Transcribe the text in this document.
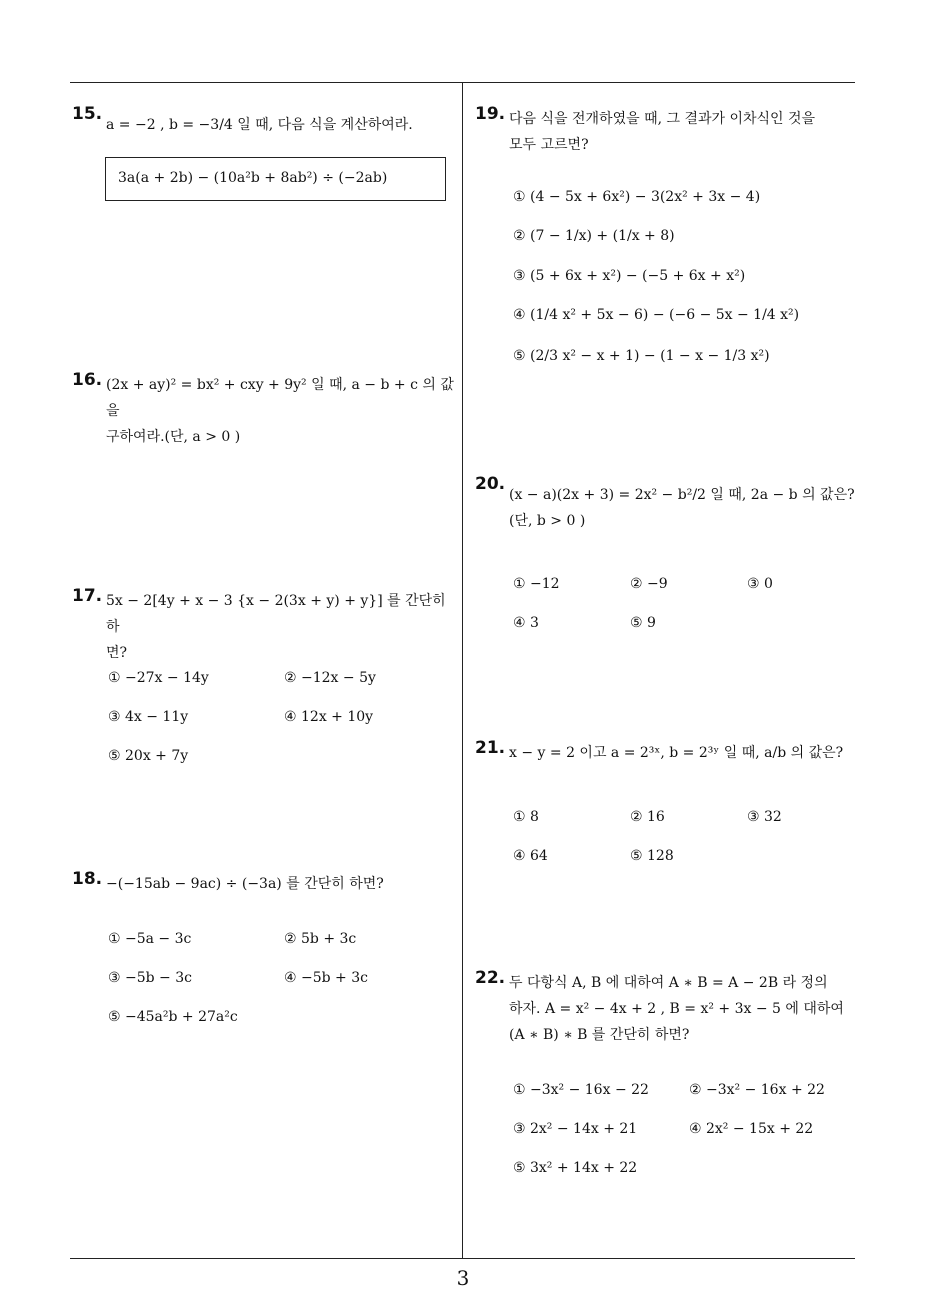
15.
a = −2 , b = −3/4 일 때, 다음 식을 계산하여라.
3a(a + 2b) − (10a²b + 8ab²) ÷ (−2ab)
16. (2x + ay)² = bx² + cxy + 9y² 일 때, a − b + c 의 값을
구하여라.(단, a > 0 )
17. 5x − 2[4y + x − 3 {x − 2(3x + y) + y}] 를 간단히 하
면?
① −27x − 14y	② −12x − 5y
③ 4x − 11y	④ 12x + 10y
⑤ 20x + 7y
18. −(−15ab − 9ac) ÷ (−3a) 를 간단히 하면?
① −5a − 3c	② 5b + 3c
③ −5b − 3c	④ −5b + 3c
⑤ −45a²b + 27a²c
19. 다음 식을 전개하였을 때, 그 결과가 이차식인 것을
모두 고르면?
① (4 − 5x + 6x²) − 3(2x² + 3x − 4)
② (7 − 1/x) + (1/x + 8)
③ (5 + 6x + x²) − (−5 + 6x + x²)
④ (1/4 x² + 5x − 6) − (−6 − 5x − 1/4 x²)
⑤ (2/3 x² − x + 1) − (1 − x − 1/3 x²)
20.
(x − a)(2x + 3) = 2x² − b²/2 일 때, 2a − b 의 값은?
(단, b > 0 )
① −12	② −9	③ 0
④ 3	⑤ 9
21. x − y = 2 이고 a = 2³ˣ, b = 2³ʸ 일 때, a/b 의 값은?
① 8	② 16	③ 32
④ 64	⑤ 128
22. 두 다항식 A, B 에 대하여 A ∗ B = A − 2B 라 정의
하자. A = x² − 4x + 2 , B = x² + 3x − 5 에 대하여
(A ∗ B) ∗ B 를 간단히 하면?
① −3x² − 16x − 22	② −3x² − 16x + 22
③ 2x² − 14x + 21	④ 2x² − 15x + 22
⑤ 3x² + 14x + 22
3
